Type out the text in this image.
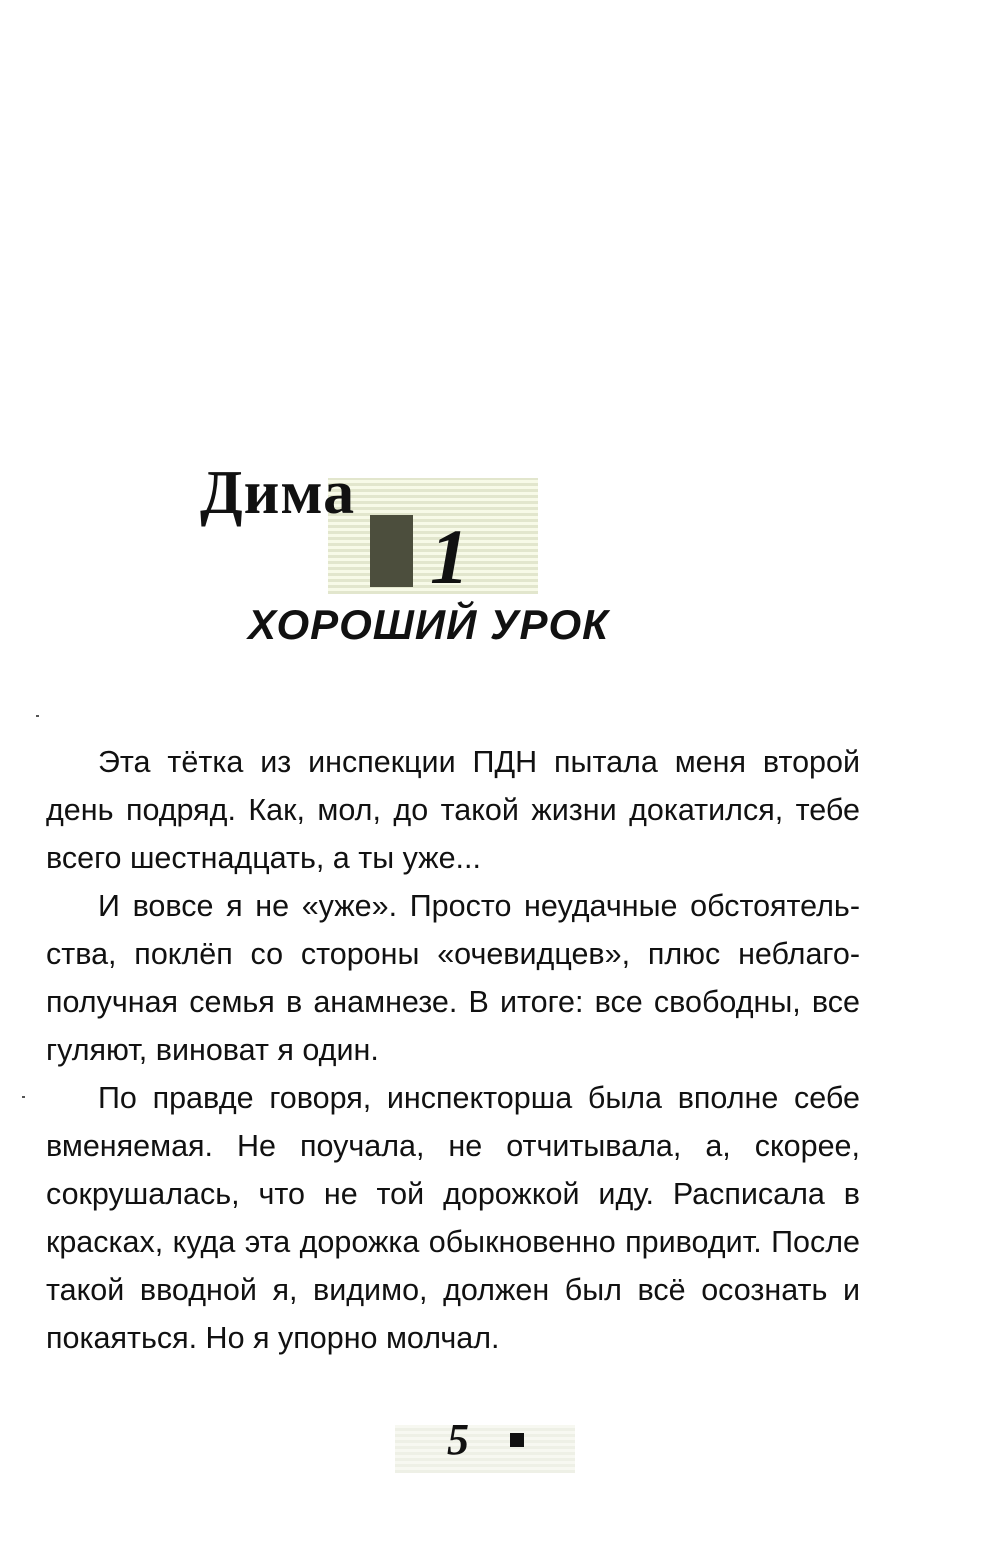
Дима
1
ХОРОШИЙ УРОК

Эта тётка из инспекции ПДН пытала меня второй день подряд. Как, мол, до такой жизни докатился, тебе всего шестнадцать, а ты уже...

И вовсе я не «уже». Просто неудачные обстоятельства, поклёп со стороны «очевидцев», плюс неблагополучная семья в анамнезе. В итоге: все свободны, все гуляют, виноват я один.

По правде говоря, инспекторша была вполне себе вменяемая. Не поучала, не отчитывала, а, скорее, сокрушалась, что не той дорожкой иду. Расписала в красках, куда эта дорожка обыкновенно приводит. После такой вводной я, видимо, должен был всё осознать и покаяться. Но я упорно молчал.

5
